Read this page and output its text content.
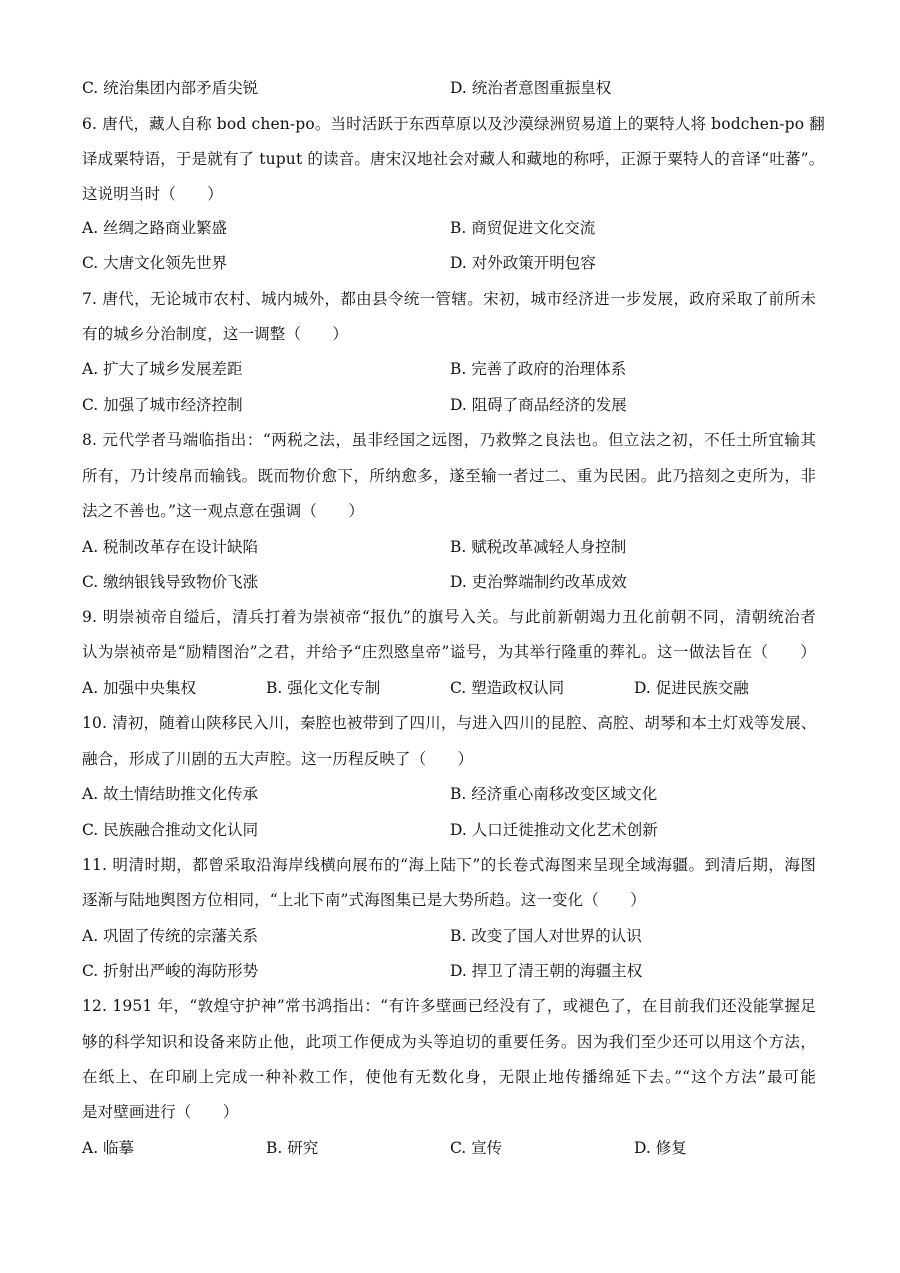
C. 统治集团内部矛盾尖锐	D. 统治者意图重振皇权
6. 唐代，藏人自称 bod chen-po。当时活跃于东西草原以及沙漠绿洲贸易道上的粟特人将 bodchen-po 翻
译成粟特语，于是就有了 tuput 的读音。唐宋汉地社会对藏人和藏地的称呼，正源于粟特人的音译“吐蕃”。
这说明当时（　　）
A. 丝绸之路商业繁盛	B. 商贸促进文化交流
C. 大唐文化领先世界	D. 对外政策开明包容
7. 唐代，无论城市农村、城内城外，都由县令统一管辖。宋初，城市经济进一步发展，政府采取了前所未
有的城乡分治制度，这一调整（　　）
A. 扩大了城乡发展差距	B. 完善了政府的治理体系
C. 加强了城市经济控制	D. 阻碍了商品经济的发展
8. 元代学者马端临指出：“两税之法，虽非经国之远图，乃救弊之良法也。但立法之初，不任土所宜输其
所有，乃计绫帛而输钱。既而物价愈下，所纳愈多，遂至输一者过二、重为民困。此乃掊刻之吏所为，非
法之不善也。”这一观点意在强调（　　）
A. 税制改革存在设计缺陷	B. 赋税改革减轻人身控制
C. 缴纳银钱导致物价飞涨	D. 吏治弊端制约改革成效
9. 明崇祯帝自缢后，清兵打着为崇祯帝“报仇”的旗号入关。与此前新朝竭力丑化前朝不同，清朝统治者
认为崇祯帝是“励精图治”之君，并给予“庄烈愍皇帝”谥号，为其举行隆重的葬礼。这一做法旨在（　　）
A. 加强中央集权	B. 强化文化专制	C. 塑造政权认同	D. 促进民族交融
10. 清初，随着山陕移民入川，秦腔也被带到了四川，与进入四川的昆腔、高腔、胡琴和本土灯戏等发展、
融合，形成了川剧的五大声腔。这一历程反映了（　　）
A. 故土情结助推文化传承	B. 经济重心南移改变区域文化
C. 民族融合推动文化认同	D. 人口迁徙推动文化艺术创新
11. 明清时期，都曾采取沿海岸线横向展布的“海上陆下”的长卷式海图来呈现全域海疆。到清后期，海图
逐渐与陆地舆图方位相同，“上北下南”式海图集已是大势所趋。这一变化（　　）
A. 巩固了传统的宗藩关系	B. 改变了国人对世界的认识
C. 折射出严峻的海防形势	D. 捍卫了清王朝的海疆主权
12. 1951 年，“敦煌守护神”常书鸿指出：“有许多壁画已经没有了，或褪色了，在目前我们还没能掌握足
够的科学知识和设备来防止他，此项工作便成为头等迫切的重要任务。因为我们至少还可以用这个方法，
在纸上、在印刷上完成一种补救工作，使他有无数化身，无限止地传播绵延下去。”“这个方法”最可能
是对壁画进行（　　）
A. 临摹	B. 研究	C. 宣传	D. 修复
